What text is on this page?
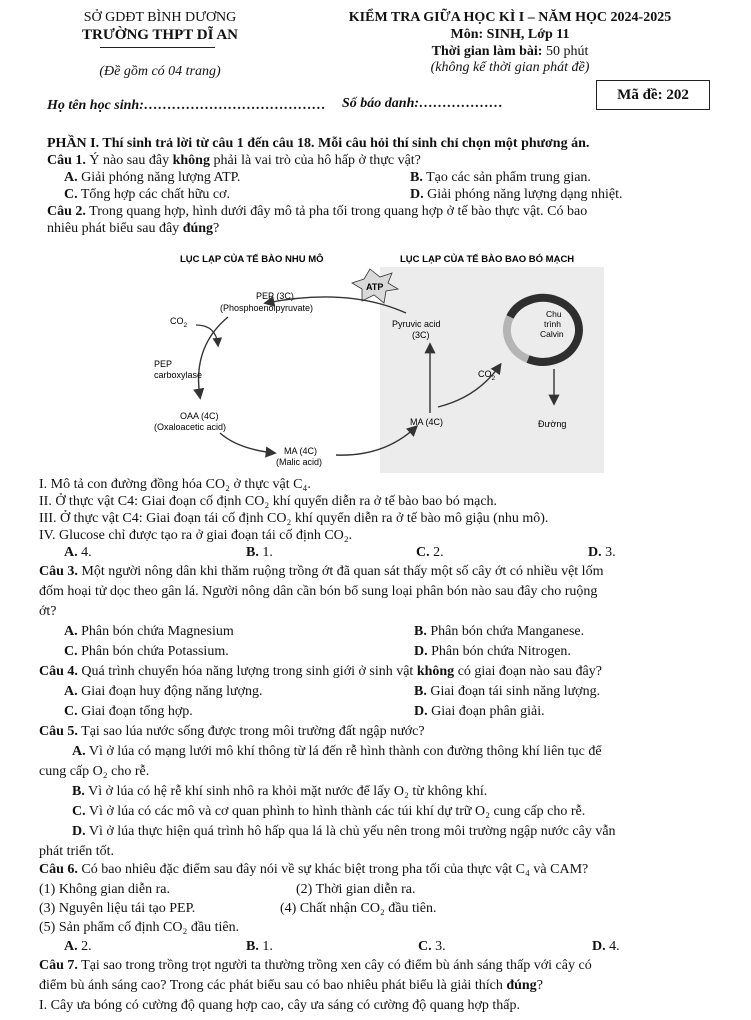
SỞ GDĐT BÌNH DƯƠNG
TRƯỜNG THPT DĨ AN
(Đề gồm có 04 trang)
KIỂM TRA GIỮA HỌC KÌ I – NĂM HỌC 2024-2025
Môn: SINH, Lớp 11
Thời gian làm bài: 50 phút
(không kể thời gian phát đề)
Mã đề: 202
Họ tên học sinh:………………………………… Số báo danh:………………
PHẦN I. Thí sinh trả lời từ câu 1 đến câu 18. Mỗi câu hỏi thí sinh chỉ chọn một phương án.
Câu 1. Ý nào sau đây không phải là vai trò của hô hấp ở thực vật?
A. Giải phóng năng lượng ATP.	B. Tạo các sản phẩm trung gian.
C. Tổng hợp các chất hữu cơ.	D. Giải phóng năng lượng dạng nhiệt.
Câu 2. Trong quang hợp, hình dưới đây mô tả pha tối trong quang hợp ở tế bào thực vật. Có bao
nhiêu phát biểu sau đây đúng?
LỤC LẠP CỦA TẾ BÀO NHU MÔ	LỤC LẠP CỦA TẾ BÀO BAO BÓ MẠCH
ATP
PEP (3C)
(Phosphoenolpyruvate)
$CO_2$
PEP
carboxylase
OAA (4C)
(Oxaloacetic acid)
MA (4C)
(Malic acid)
MA (4C)
Pyruvic acid
(3C)
$CO_2$
Chu
trình
Calvin
Đường
I. Mô tả con đường đồng hóa CO₂ ở thực vật C₄.
II. Ở thực vật C4: Giai đoạn cố định CO₂ khí quyển diễn ra ở tế bào bao bó mạch.
III. Ở thực vật C4: Giai đoạn tái cố định CO₂ khí quyển diễn ra ở tế bào mô giậu (nhu mô).
IV. Glucose chỉ được tạo ra ở giai đoạn tái cố định CO₂.
A. 4.	B. 1.	C. 2.	D. 3.
Câu 3. Một người nông dân khi thăm ruộng trồng ớt đã quan sát thấy một số cây ớt có nhiều vệt lốm
đốm hoại tử dọc theo gân lá. Người nông dân cần bón bổ sung loại phân bón nào sau đây cho ruộng
ớt?
A. Phân bón chứa Magnesium	B. Phân bón chứa Manganese.
C. Phân bón chứa Potassium.	D. Phân bón chứa Nitrogen.
Câu 4. Quá trình chuyển hóa năng lượng trong sinh giới ở sinh vật không có giai đoạn nào sau đây?
A. Giai đoạn huy động năng lượng.	B. Giai đoạn tái sinh năng lượng.
C. Giai đoạn tổng hợp.	D. Giai đoạn phân giải.
Câu 5. Tại sao lúa nước sống được trong môi trường đất ngập nước?
A. Vì ở lúa có mạng lưới mô khí thông từ lá đến rễ hình thành con đường thông khí liên tục để
cung cấp O₂ cho rễ.
B. Vì ở lúa có hệ rễ khí sinh nhô ra khỏi mặt nước để lấy O₂ từ không khí.
C. Vì ở lúa có các mô và cơ quan phình to hình thành các túi khí dự trữ O₂ cung cấp cho rễ.
D. Vì ở lúa thực hiện quá trình hô hấp qua lá là chủ yếu nên trong môi trường ngập nước cây vẫn
phát triển tốt.
Câu 6. Có bao nhiêu đặc điểm sau đây nói về sự khác biệt trong pha tối của thực vật C₄ và CAM?
(1) Không gian diễn ra.	(2) Thời gian diễn ra.
(3) Nguyên liệu tái tạo PEP.	(4) Chất nhận CO₂ đầu tiên.
(5) Sản phẩm cố định CO₂ đầu tiên.
A. 2.	B. 1.	C. 3.	D. 4.
Câu 7. Tại sao trong trồng trọt người ta thường trồng xen cây có điểm bù ánh sáng thấp với cây có
điểm bù ánh sáng cao? Trong các phát biểu sau có bao nhiêu phát biểu là giải thích đúng?
I. Cây ưa bóng có cường độ quang hợp cao, cây ưa sáng có cường độ quang hợp thấp.
